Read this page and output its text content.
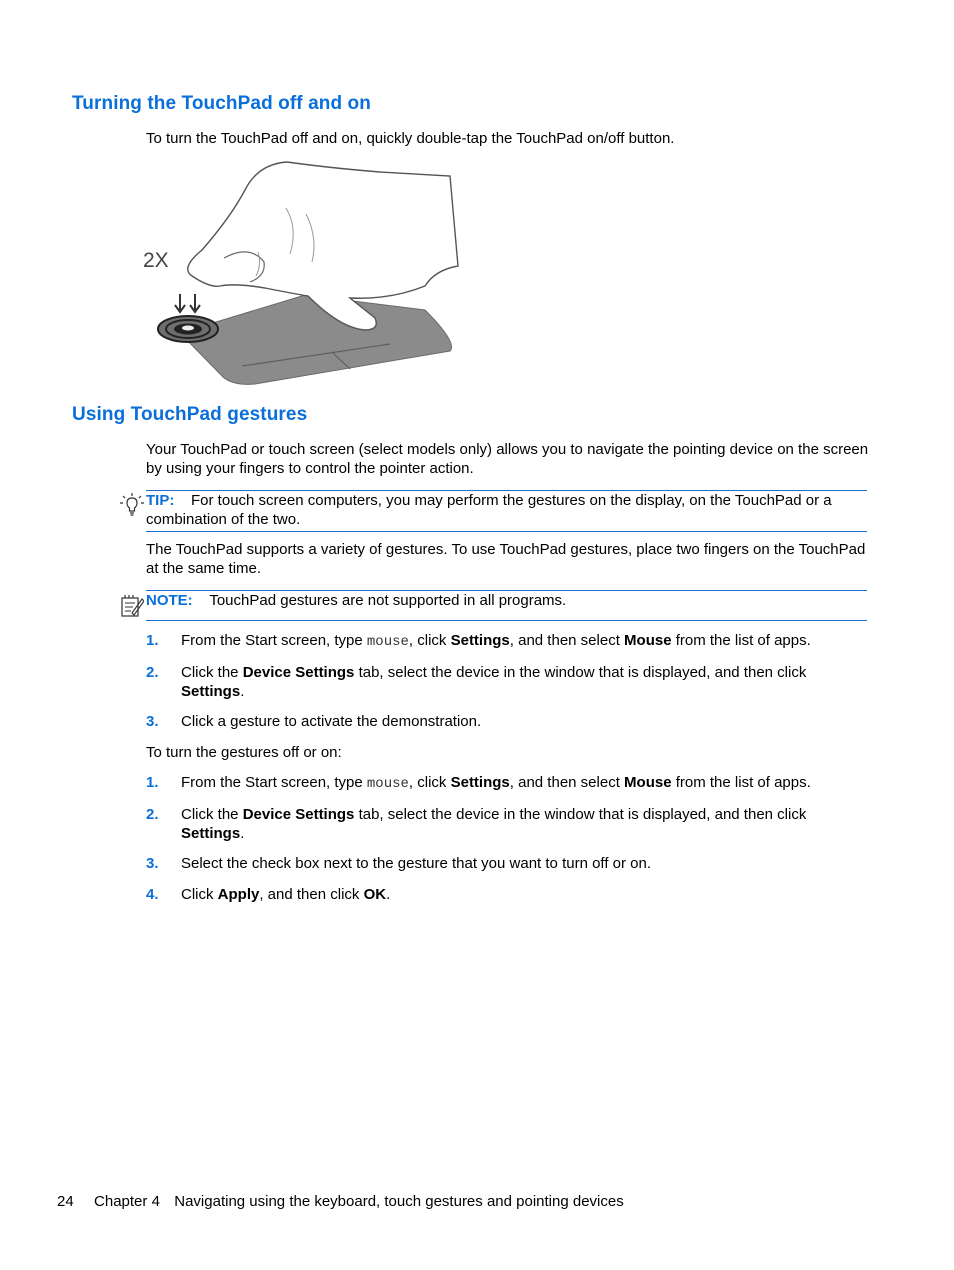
Turning the TouchPad off and on

To turn the TouchPad off and on, quickly double-tap the TouchPad on/off button.

2X
Using TouchPad gestures

Your TouchPad or touch screen (select models only) allows you to navigate the pointing device on the screen by using your fingers to control the pointer action.

TIP: For touch screen computers, you may perform the gestures on the display, on the TouchPad or a combination of the two.

The TouchPad supports a variety of gestures. To use TouchPad gestures, place two fingers on the TouchPad at the same time.

NOTE: TouchPad gestures are not supported in all programs.
1. From the Start screen, type mouse, click Settings, and then select Mouse from the list of apps.
2. Click the Device Settings tab, select the device in the window that is displayed, and then click Settings.
3. Click a gesture to activate the demonstration.

To turn the gestures off or on:

1. From the Start screen, type mouse, click Settings, and then select Mouse from the list of apps.
2. Click the Device Settings tab, select the device in the window that is displayed, and then click Settings.
3. Select the check box next to the gesture that you want to turn off or on.
4. Click Apply, and then click OK.
24 Chapter 4 Navigating using the keyboard, touch gestures and pointing devices
